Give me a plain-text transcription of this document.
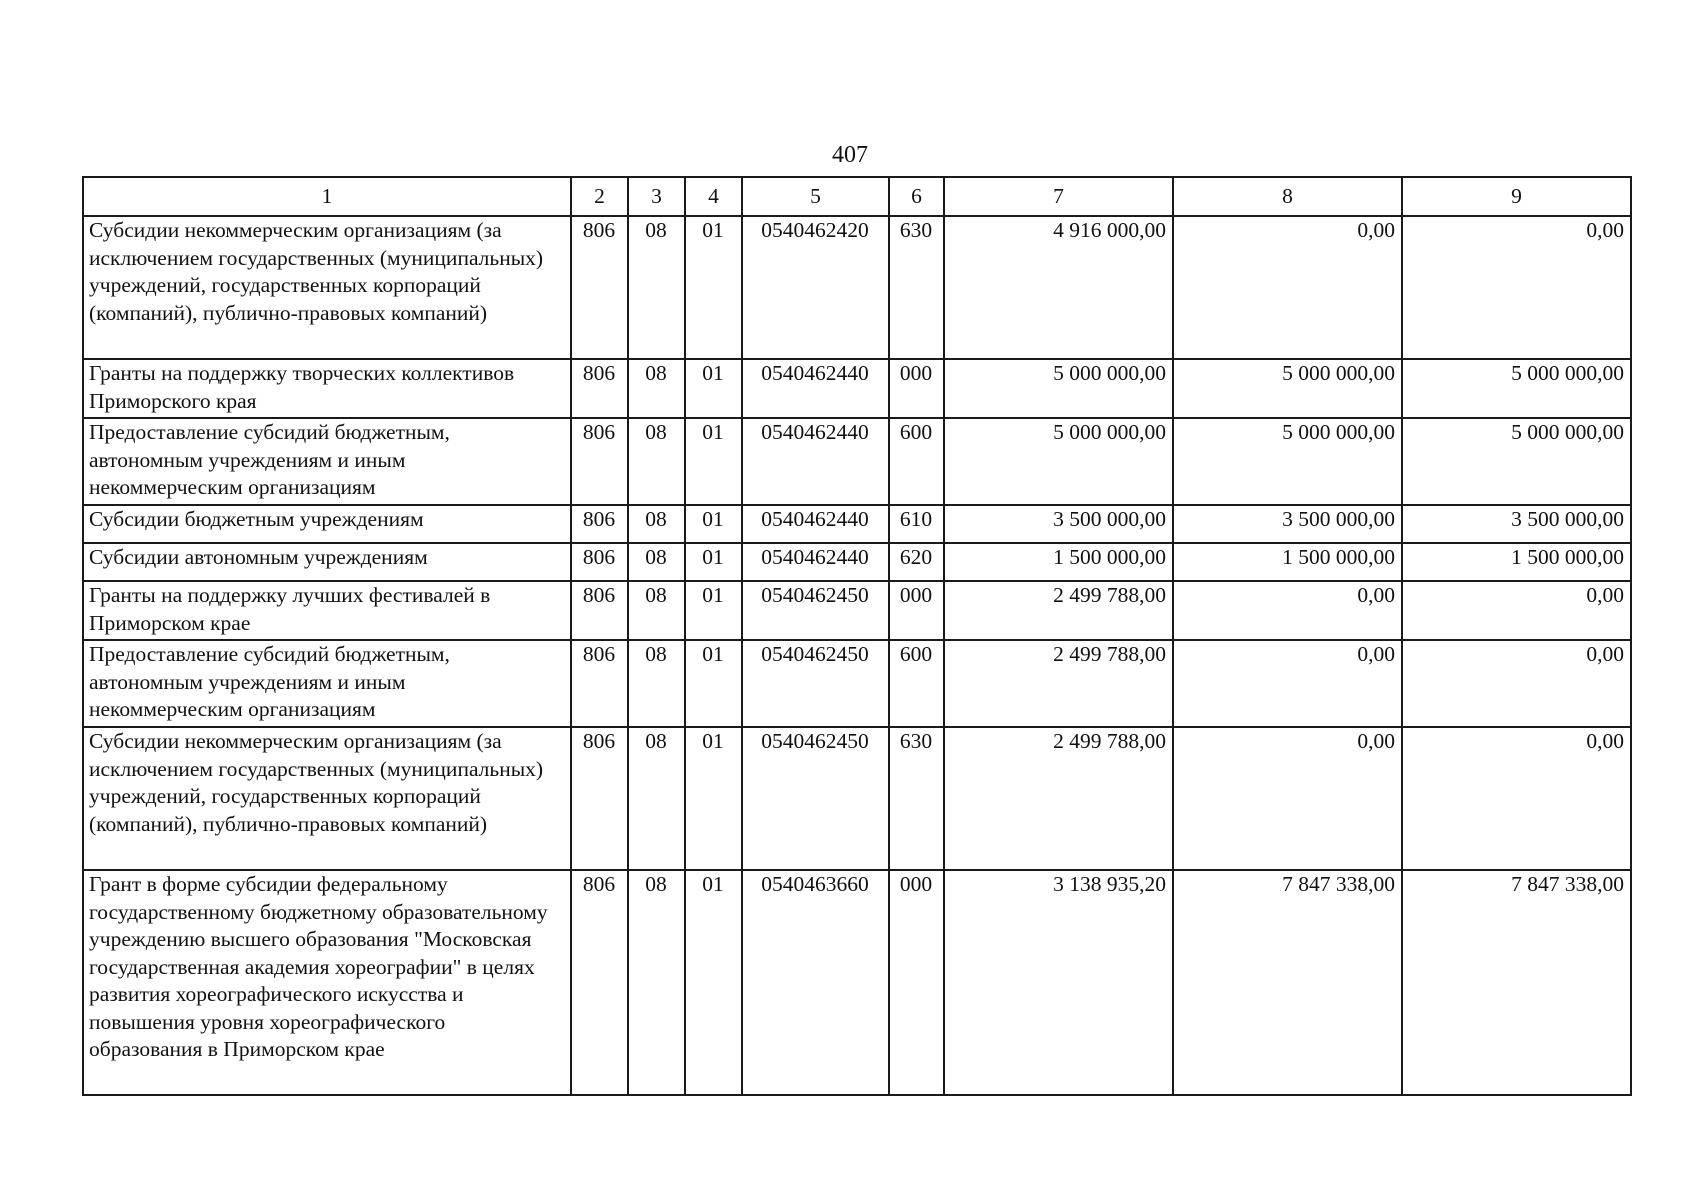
407
1	2	3	4	5	6	7	8	9
Субсидии некоммерческим организациям (за исключением государственных (муниципальных) учреждений, государственных корпораций (компаний), публично-правовых компаний)	806	08	01	0540462420	630	4 916 000,00	0,00	0,00
Гранты на поддержку творческих коллективов Приморского края	806	08	01	0540462440	000	5 000 000,00	5 000 000,00	5 000 000,00
Предоставление субсидий бюджетным, автономным учреждениям и иным некоммерческим организациям	806	08	01	0540462440	600	5 000 000,00	5 000 000,00	5 000 000,00
Субсидии бюджетным учреждениям	806	08	01	0540462440	610	3 500 000,00	3 500 000,00	3 500 000,00
Субсидии автономным учреждениям	806	08	01	0540462440	620	1 500 000,00	1 500 000,00	1 500 000,00
Гранты на поддержку лучших фестивалей в Приморском крае	806	08	01	0540462450	000	2 499 788,00	0,00	0,00
Предоставление субсидий бюджетным, автономным учреждениям и иным некоммерческим организациям	806	08	01	0540462450	600	2 499 788,00	0,00	0,00
Субсидии некоммерческим организациям (за исключением государственных (муниципальных) учреждений, государственных корпораций (компаний), публично-правовых компаний)	806	08	01	0540462450	630	2 499 788,00	0,00	0,00
Грант в форме субсидии федеральному государственному бюджетному образовательному учреждению высшего образования "Московская государственная академия хореографии" в целях развития хореографического искусства и повышения уровня хореографического образования в Приморском крае	806	08	01	0540463660	000	3 138 935,20	7 847 338,00	7 847 338,00
